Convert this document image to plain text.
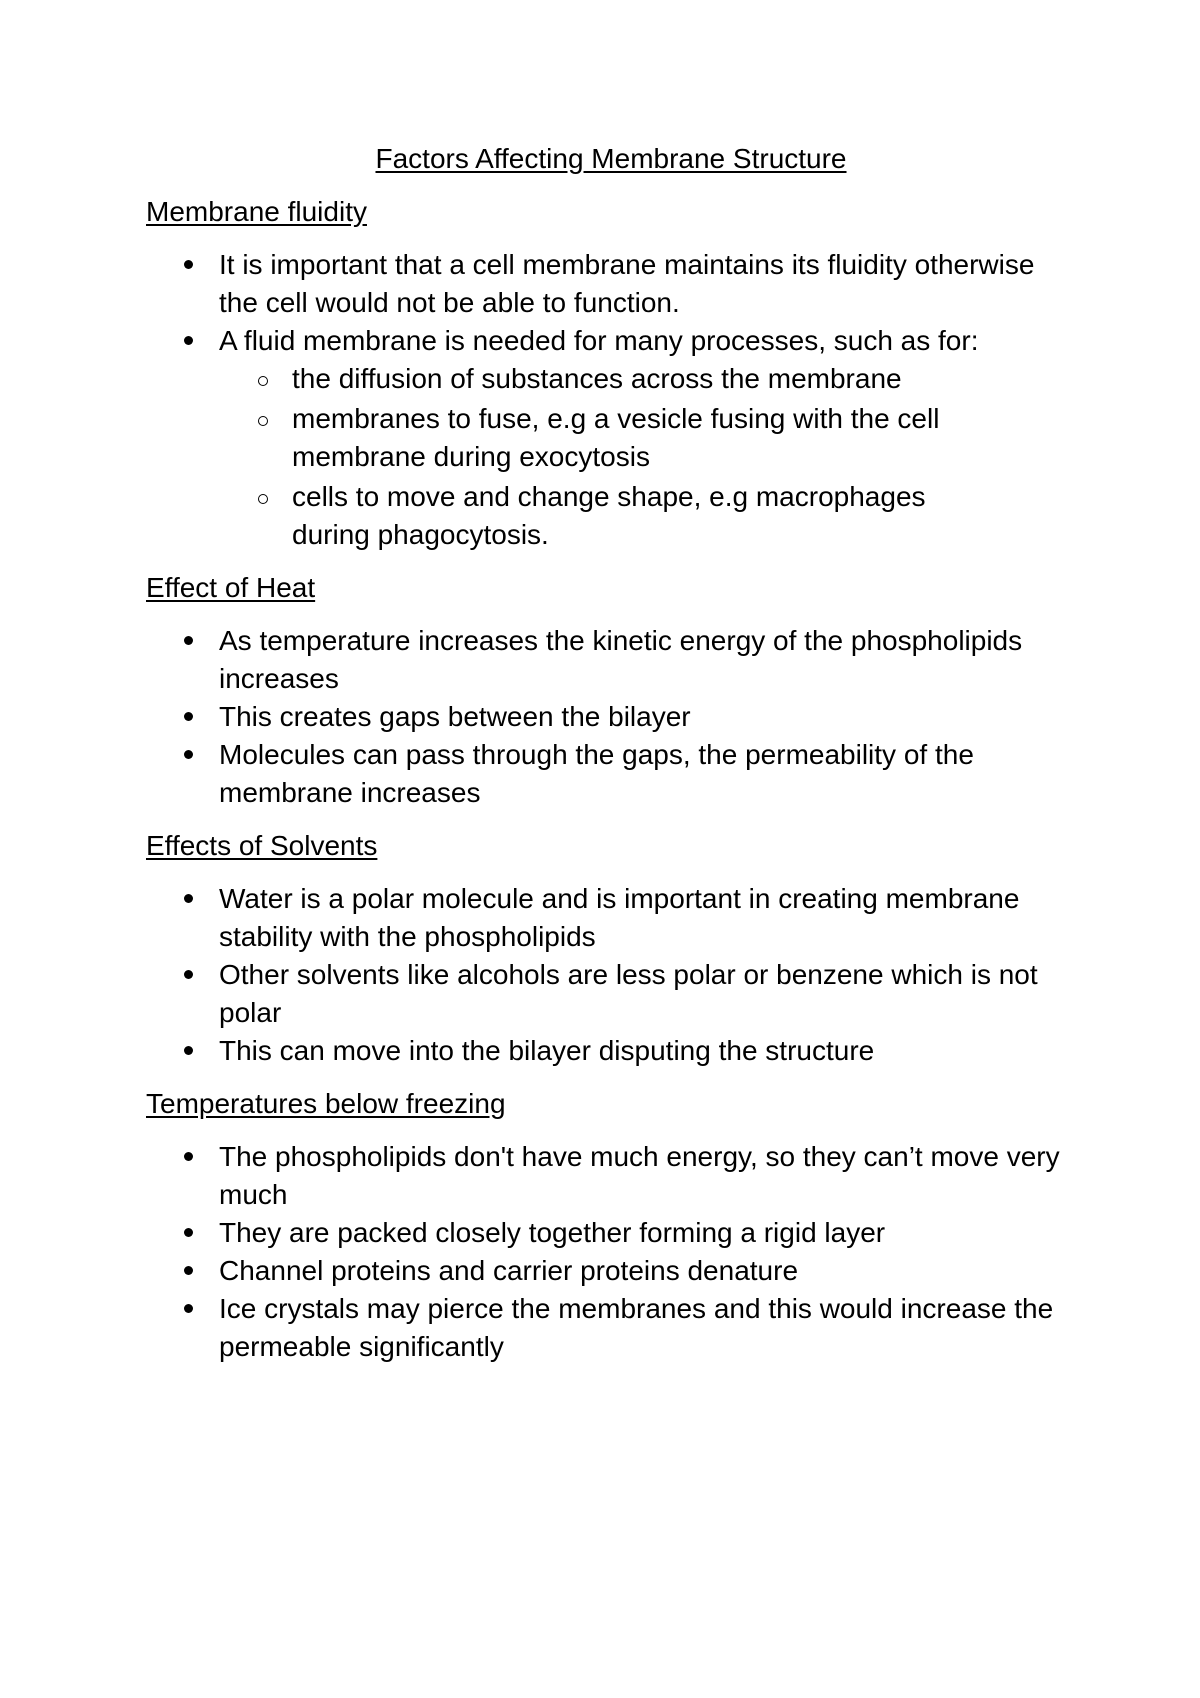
Factors Affecting Membrane Structure
Membrane fluidity
It is important that a cell membrane maintains its fluidity otherwise the cell would not be able to function.
A fluid membrane is needed for many processes, such as for:
the diffusion of substances across the membrane
membranes to fuse, e.g a vesicle fusing with the cell membrane during exocytosis
cells to move and change shape, e.g macrophages during phagocytosis.
Effect of Heat
As temperature increases the kinetic energy of the phospholipids increases
This creates gaps between the bilayer
Molecules can pass through the gaps, the permeability of the membrane increases
Effects of Solvents
Water is a polar molecule and is important in creating membrane stability with the phospholipids
Other solvents like alcohols are less polar or benzene which is not polar
This can move into the bilayer disputing the structure
Temperatures below freezing
The phospholipids don't have much energy, so they can’t move very much
They are packed closely together forming a rigid layer
Channel proteins and carrier proteins denature
Ice crystals may pierce the membranes and this would increase the permeable significantly
